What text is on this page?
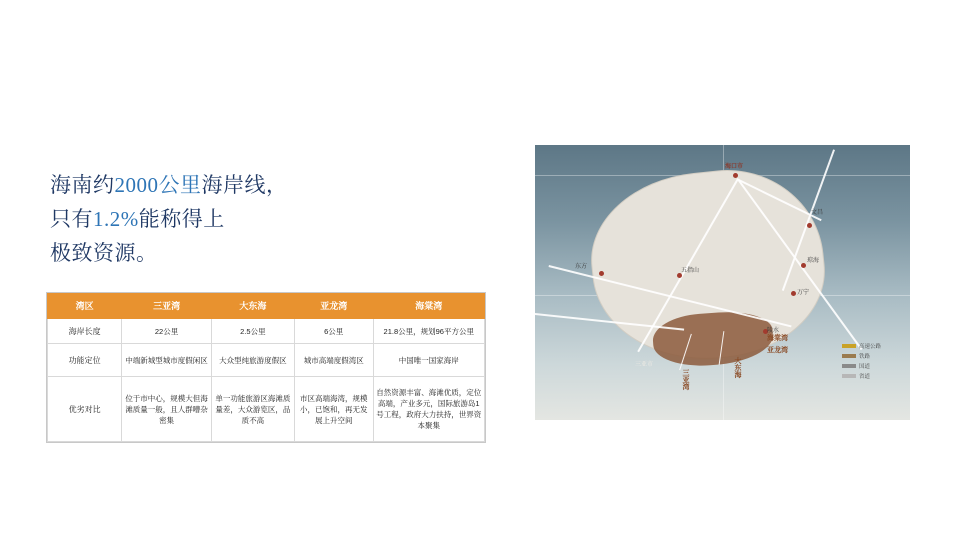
海南约2000公里海岸线，
只有1.2%能称得上
极致资源。
湾区	三亚湾	大东海	亚龙湾	海棠湾
海岸长度	22公里	2.5公里	6公里	21.8公里，规划96平方公里
功能定位	中端新城型城市度假闲区	大众型纯旅游度假区	城市高端度假湾区	中国唯一国家海岸
优劣对比	位于市中心，规模大但海滩质量一般，且人群嘈杂密集	单一功能旅游区海滩质量差，大众游览区，品质不高	市区高端海湾，规模小，已饱和，再无发展上升空间	自然资源丰富、海滩优质，定位高端，产业多元，国际旅游岛1号工程，政府大力扶持，世界资本聚集
海口市
文昌
东方
五指山
琼海
万宁
陵水
三亚市
海棠湾
亚龙湾
大东海
三亚湾
高速公路
铁路
国道
省道
